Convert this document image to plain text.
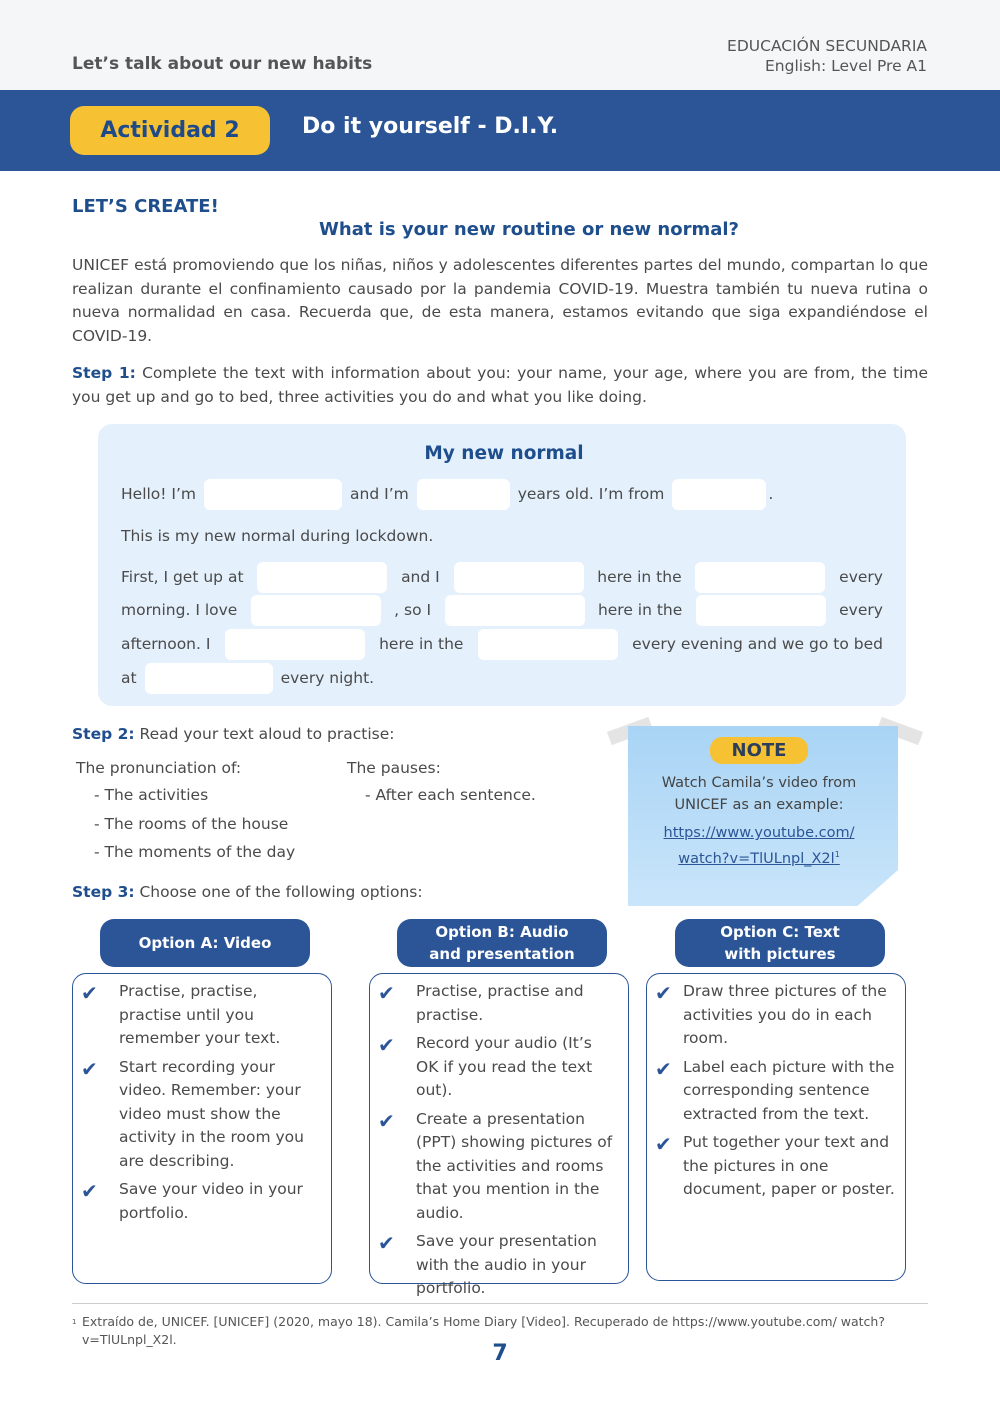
Let’s talk about our new habits
EDUCACIÓN SECUNDARIA
English: Level Pre A1
Actividad 2	Do it yourself - D.I.Y.
LET’S CREATE!
What is your new routine or new normal?
UNICEF está promoviendo que los niñas, niños y adolescentes diferentes partes del mundo, compartan lo que realizan durante el confinamiento causado por la pandemia COVID-19. Muestra también tu nueva rutina o nueva normalidad en casa. Recuerda que, de esta manera, estamos evitando que siga expandiéndose el COVID-19.
Step 1: Complete the text with information about you: your name, your age, where you are from, the time you get up and go to bed, three activities you do and what you like doing.
My new normal
Hello! I’m	and I’m	years old. I’m from	.
This is my new normal during lockdown.
First, I get up at	and I	here in the	every
morning. I love	, so I	here in the	every
afternoon. I	here in the	every evening and we go to bed
at	every night.
Step 2: Read your text aloud to practise:
The pronunciation of:
- The activities
- The rooms of the house
- The moments of the day
The pauses:
- After each sentence.
NOTE
Watch Camila’s video from UNICEF as an example:
https://www.youtube.com/
$watch?v=TlULnpl\_X2l^1$
Step 3: Choose one of the following options:
Option A: Video
✔	Practise, practise, practise until you remember your text.
✔	Start recording your video. Remember: your video must show the activity in the room you are describing.
✔	Save your video in your portfolio.
Option B: Audio and presentation
✔	Practise, practise and practise.
✔	Record your audio (It’s OK if you read the text out).
✔	Create a presentation (PPT) showing pictures of the activities and rooms that you mention in the audio.
✔	Save your presentation with the audio in your portfolio.
Option C: Text with pictures
✔ Draw three pictures of the activities you do in each room.
✔ Label each picture with the corresponding sentence extracted from the text.
✔ Put together your text and the pictures in one document, paper or poster.
1 Extraído de, UNICEF. [UNICEF] (2020, mayo 18). Camila’s Home Diary [Video]. Recuperado de https://www.youtube.com/ watch?v=TlULnpl_X2l.
7
